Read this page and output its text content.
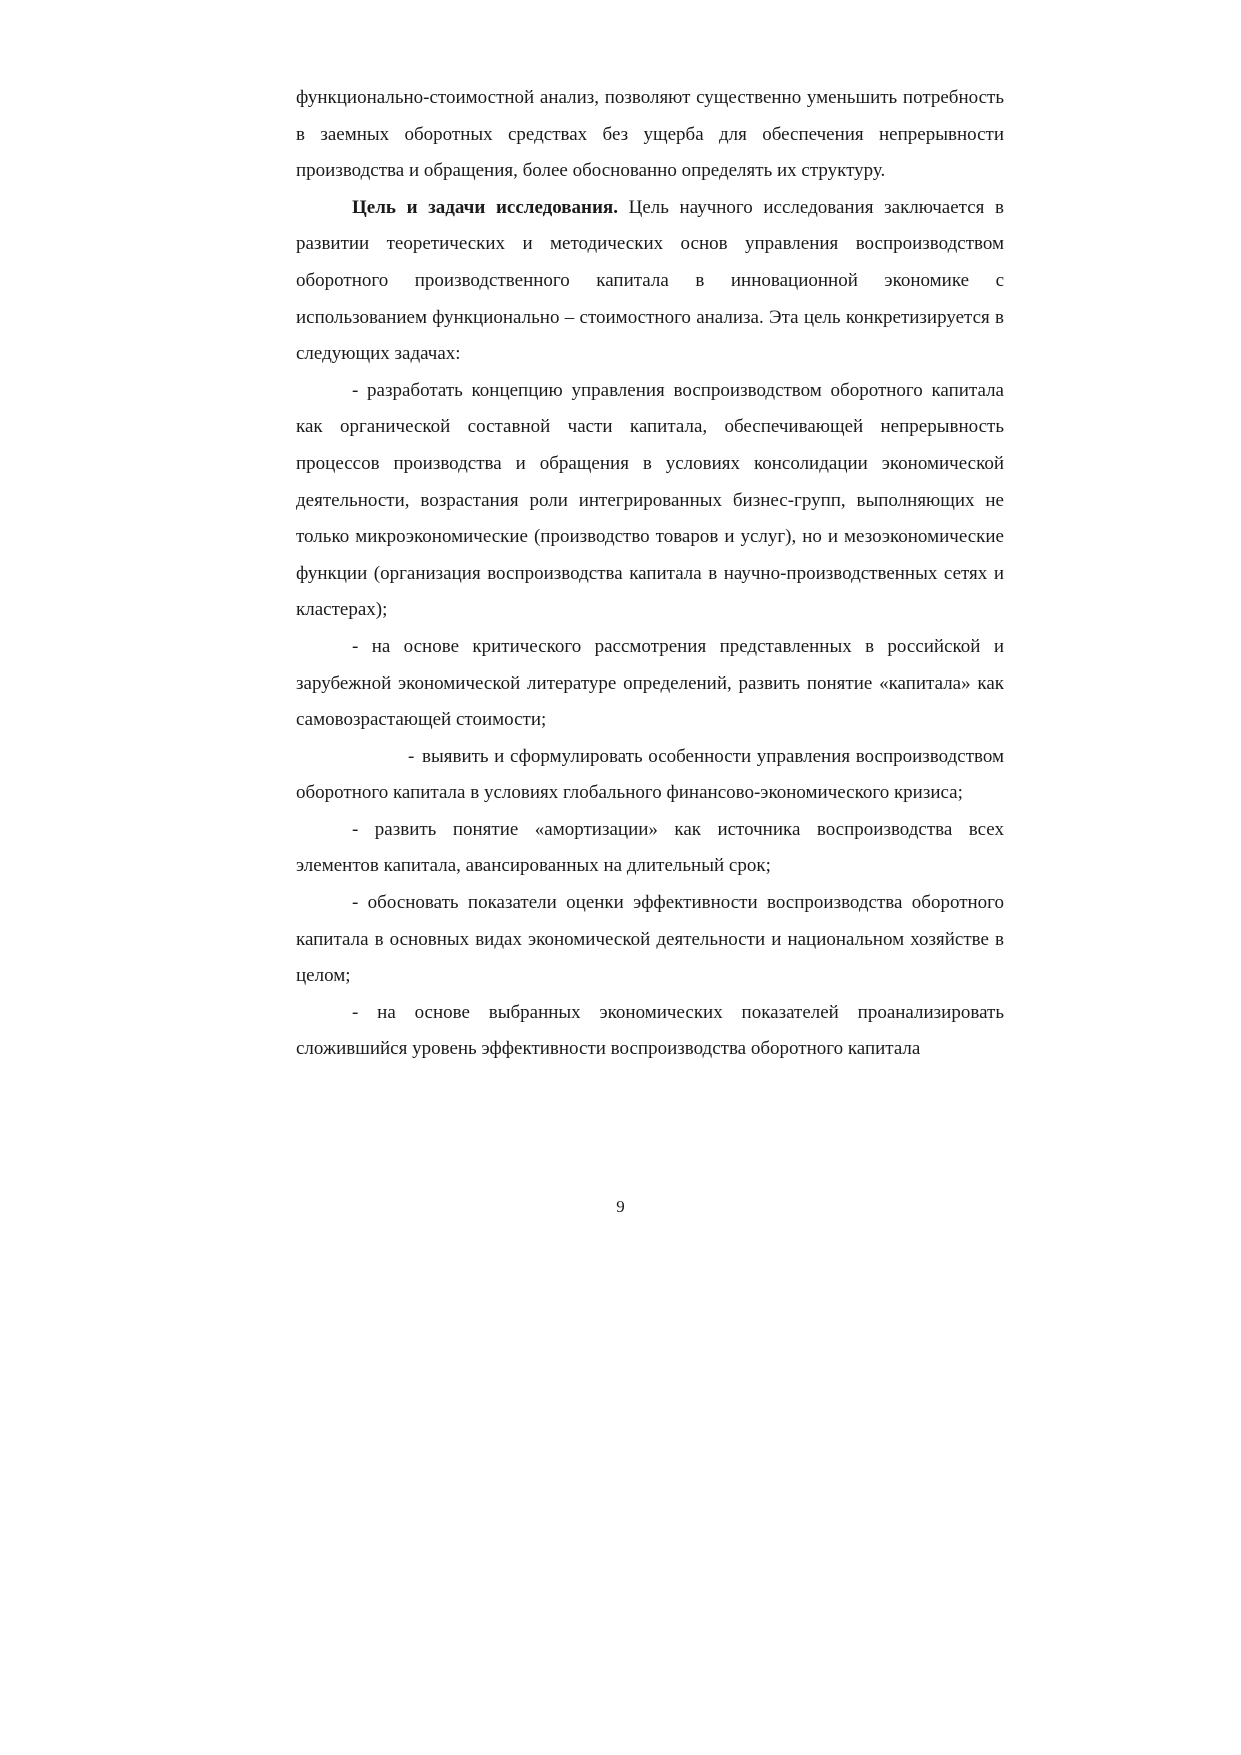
функционально-стоимостной анализ, позволяют существенно уменьшить потребность в заемных оборотных средствах без ущерба для обеспечения непрерывности производства и обращения, более обоснованно определять их структуру.

Цель и задачи исследования. Цель научного исследования заключается в развитии теоретических и методических основ управления воспроизводством оборотного производственного капитала в инновационной экономике с использованием функционально – стоимостного анализа. Эта цель конкретизируется в следующих задачах:

- разработать концепцию управления воспроизводством оборотного капитала как органической составной части капитала, обеспечивающей непрерывность процессов производства и обращения в условиях консолидации экономической деятельности, возрастания роли интегрированных бизнес-групп, выполняющих не только микроэкономические (производство товаров и услуг), но и мезоэкономические функции (организация воспроизводства капитала в научно-производственных сетях и кластерах);

- на основе критического рассмотрения представленных в российской и зарубежной экономической литературе определений, развить понятие «капитала» как самовозрастающей стоимости;

- выявить и сформулировать особенности управления воспроизводством оборотного капитала в условиях глобального финансово-экономического кризиса;

- развить понятие «амортизации» как источника воспроизводства всех элементов капитала, авансированных на длительный срок;

- обосновать показатели оценки эффективности воспроизводства оборотного капитала в основных видах экономической деятельности и национальном хозяйстве в целом;

- на основе выбранных экономических показателей проанализировать сложившийся уровень эффективности воспроизводства оборотного капитала

9
